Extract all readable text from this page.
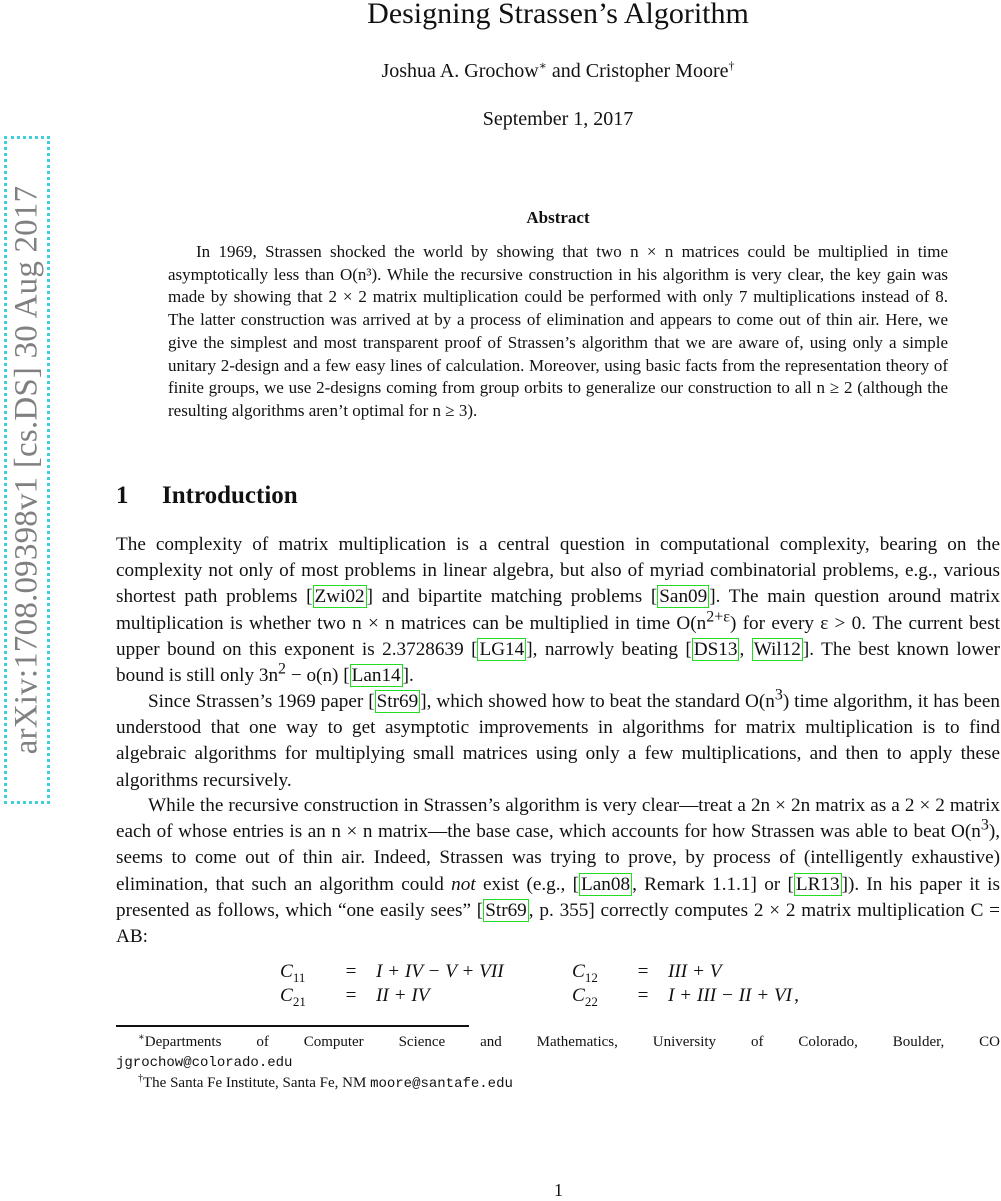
arXiv:1708.09398v1 [cs.DS] 30 Aug 2017
Designing Strassen’s Algorithm
Joshua A. Grochow∗ and Cristopher Moore†
September 1, 2017
Abstract
In 1969, Strassen shocked the world by showing that two n × n matrices could be multiplied in time asymptotically less than O(n³). While the recursive construction in his algorithm is very clear, the key gain was made by showing that 2 × 2 matrix multiplication could be performed with only 7 multiplications instead of 8. The latter construction was arrived at by a process of elimination and appears to come out of thin air. Here, we give the simplest and most transparent proof of Strassen’s algorithm that we are aware of, using only a simple unitary 2-design and a few easy lines of calculation. Moreover, using basic facts from the representation theory of finite groups, we use 2-designs coming from group orbits to generalize our construction to all n ≥ 2 (although the resulting algorithms aren’t optimal for n ≥ 3).
1 Introduction
The complexity of matrix multiplication is a central question in computational complexity, bearing on the complexity not only of most problems in linear algebra, but also of myriad combinatorial problems, e.g., various shortest path problems [ Zwi02 ] and bipartite matching problems [ San09 ]. The main question around matrix multiplication is whether two n × n matrices can be multiplied in time $O(n^{2+\varepsilon})$ for every ε > 0. The current best upper bound on this exponent is 2.3728639 [ LG14 ], narrowly beating [ DS13 , Wil12 ]. The best known lower bound is still only $3n^2 - o(n)$ [ Lan14 ].
Since Strassen’s 1969 paper [ Str69 ], which showed how to beat the standard $O(n^3)$ time algorithm, it has been understood that one way to get asymptotic improvements in algorithms for matrix multiplication is to find algebraic algorithms for multiplying small matrices using only a few multiplications, and then to apply these algorithms recursively.
While the recursive construction in Strassen’s algorithm is very clear—treat a 2n × 2n matrix as a 2 × 2 matrix each of whose entries is an n × n matrix—the base case, which accounts for how Strassen was able to beat $O(n^3)$, seems to come out of thin air. Indeed, Strassen was trying to prove, by process of (intelligently exhaustive) elimination, that such an algorithm could not exist (e.g., [ Lan08 , Remark 1.1.1] or [ LR13 ]). In his paper it is presented as follows, which “one easily sees” [ Str69 , p. 355] correctly computes 2 × 2 matrix multiplication C = AB:
$C_{11}$	=	I + IV − V + VII	$C_{12}$	=	III + V
$C_{21}$	=	II + IV	$C_{22}$	=	I + III − II + VI ,
∗Departments of Computer Science and Mathematics, University of Colorado, Boulder, CO
jgrochow@colorado.edu
†The Santa Fe Institute, Santa Fe, NM moore@santafe.edu
1
